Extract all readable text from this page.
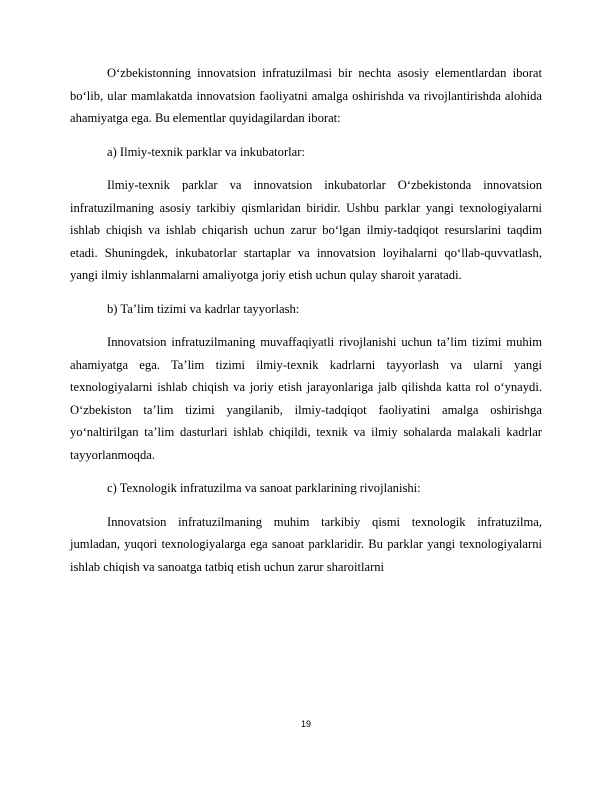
O‘zbekistonning innovatsion infratuzilmasi bir nechta asosiy elementlardan iborat bo‘lib, ular mamlakatda innovatsion faoliyatni amalga oshirishda va rivojlantirishda alohida ahamiyatga ega. Bu elementlar quyidagilardan iborat:

a) Ilmiy-texnik parklar va inkubatorlar:

Ilmiy-texnik parklar va innovatsion inkubatorlar O‘zbekistonda innovatsion infratuzilmaning asosiy tarkibiy qismlaridan biridir. Ushbu parklar yangi texnologiyalarni ishlab chiqish va ishlab chiqarish uchun zarur bo‘lgan ilmiy-tadqiqot resurslarini taqdim etadi. Shuningdek, inkubatorlar startaplar va innovatsion loyihalarni qo‘llab-quvvatlash, yangi ilmiy ishlanmalarni amaliyotga joriy etish uchun qulay sharoit yaratadi.

b) Ta’lim tizimi va kadrlar tayyorlash:

Innovatsion infratuzilmaning muvaffaqiyatli rivojlanishi uchun ta’lim tizimi muhim ahamiyatga ega. Ta’lim tizimi ilmiy-texnik kadrlarni tayyorlash va ularni yangi texnologiyalarni ishlab chiqish va joriy etish jarayonlariga jalb qilishda katta rol o‘ynaydi. O‘zbekiston ta’lim tizimi yangilanib, ilmiy-tadqiqot faoliyatini amalga oshirishga yo‘naltirilgan ta’lim dasturlari ishlab chiqildi, texnik va ilmiy sohalarda malakali kadrlar tayyorlanmoqda.

c) Texnologik infratuzilma va sanoat parklarining rivojlanishi:

Innovatsion infratuzilmaning muhim tarkibiy qismi texnologik infratuzilma, jumladan, yuqori texnologiyalarga ega sanoat parklaridir. Bu parklar yangi texnologiyalarni ishlab chiqish va sanoatga tatbiq etish uchun zarur sharoitlarni

19
